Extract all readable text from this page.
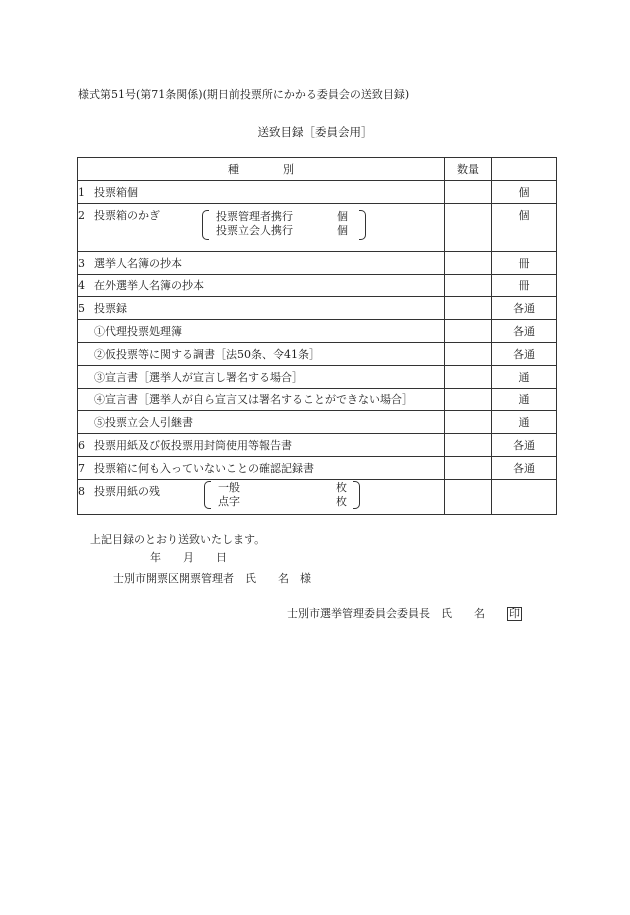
様式第51号(第71条関係)(期日前投票所にかかる委員会の送致目録)
送致目録［委員会用］
種 別	数量	
1 投票箱個		個
2 投票箱のかぎ 投票管理者携行 個
投票立会人携行 個		個
3 選挙人名簿の抄本		冊
4 在外選挙人名簿の抄本		冊
5 投票録		各通
①代理投票処理簿		各通
②仮投票等に関する調書［法50条、令41条］		各通
③宣言書［選挙人が宣言し署名する場合］		通
④宣言書［選挙人が自ら宣言又は署名することができない場合］		通
⑤投票立会人引継書		通
6 投票用紙及び仮投票用封筒使用等報告書		各通
7 投票箱に何も入っていないことの確認記録書		各通
8 投票用紙の残 一般 枚
点字 枚		

上記目録のとおり送致いたします。
年　　月　　日
士別市開票区開票管理者　氏　　名　様
士別市選挙管理委員会委員長　氏　　名 印
